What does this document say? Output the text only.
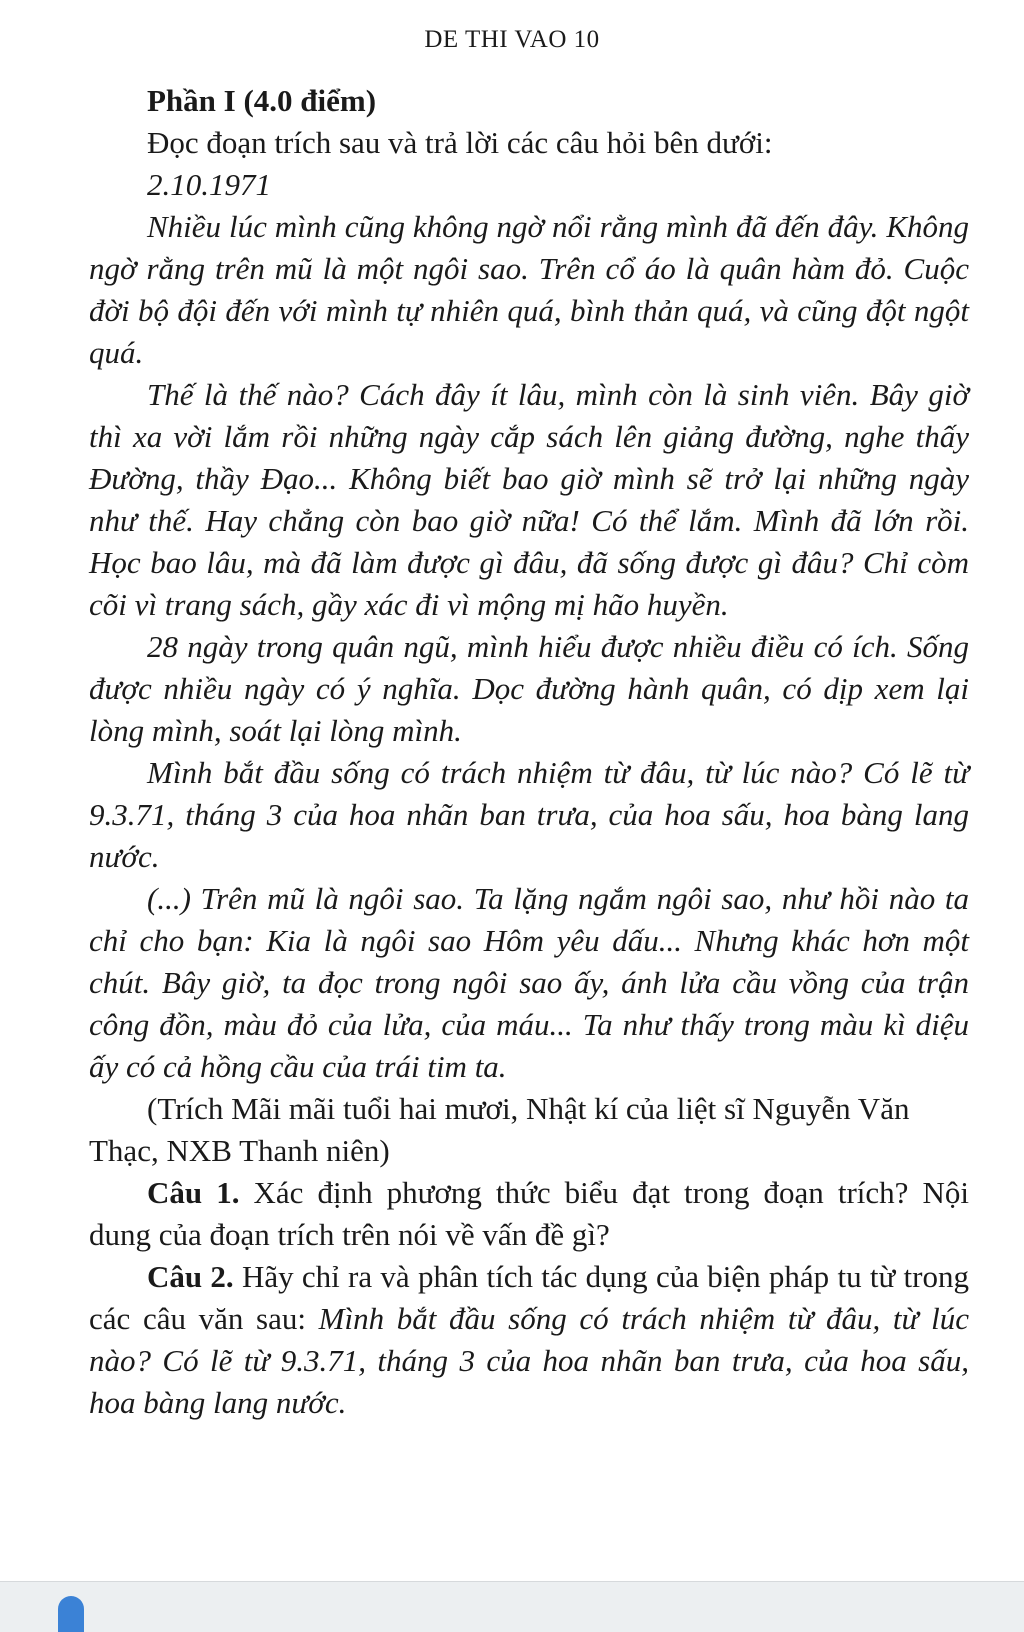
DE THI VAO 10

Phần I (4.0 điểm)

Đọc đoạn trích sau và trả lời các câu hỏi bên dưới:

2.10.1971

Nhiều lúc mình cũng không ngờ nổi rằng mình đã đến đây. Không ngờ rằng trên mũ là một ngôi sao. Trên cổ áo là quân hàm đỏ. Cuộc đời bộ đội đến với mình tự nhiên quá, bình thản quá, và cũng đột ngột quá.

Thế là thế nào? Cách đây ít lâu, mình còn là sinh viên. Bây giờ thì xa vời lắm rồi những ngày cắp sách lên giảng đường, nghe thấy Đường, thầy Đạo... Không biết bao giờ mình sẽ trở lại những ngày như thế. Hay chẳng còn bao giờ nữa! Có thể lắm. Mình đã lớn rồi. Học bao lâu, mà đã làm được gì đâu, đã sống được gì đâu? Chỉ còm cõi vì trang sách, gầy xác đi vì mộng mị hão huyền.

28 ngày trong quân ngũ, mình hiểu được nhiều điều có ích. Sống được nhiều ngày có ý nghĩa. Dọc đường hành quân, có dịp xem lại lòng mình, soát lại lòng mình.

Mình bắt đầu sống có trách nhiệm từ đâu, từ lúc nào? Có lẽ từ 9.3.71, tháng 3 của hoa nhãn ban trưa, của hoa sấu, hoa bàng lang nước.

(...) Trên mũ là ngôi sao. Ta lặng ngắm ngôi sao, như hồi nào ta chỉ cho bạn: Kia là ngôi sao Hôm yêu dấu... Nhưng khác hơn một chút. Bây giờ, ta đọc trong ngôi sao ấy, ánh lửa cầu vồng của trận công đồn, màu đỏ của lửa, của máu... Ta như thấy trong màu kì diệu ấy có cả hồng cầu của trái tim ta.

(Trích Mãi mãi tuổi hai mươi, Nhật kí của liệt sĩ Nguyễn Văn Thạc, NXB Thanh niên)

Câu 1. Xác định phương thức biểu đạt trong đoạn trích? Nội dung của đoạn trích trên nói về vấn đề gì?

Câu 2. Hãy chỉ ra và phân tích tác dụng của biện pháp tu từ trong các câu văn sau: Mình bắt đầu sống có trách nhiệm từ đâu, từ lúc nào? Có lẽ từ 9.3.71, tháng 3 của hoa nhãn ban trưa, của hoa sấu, hoa bàng lang nước.
